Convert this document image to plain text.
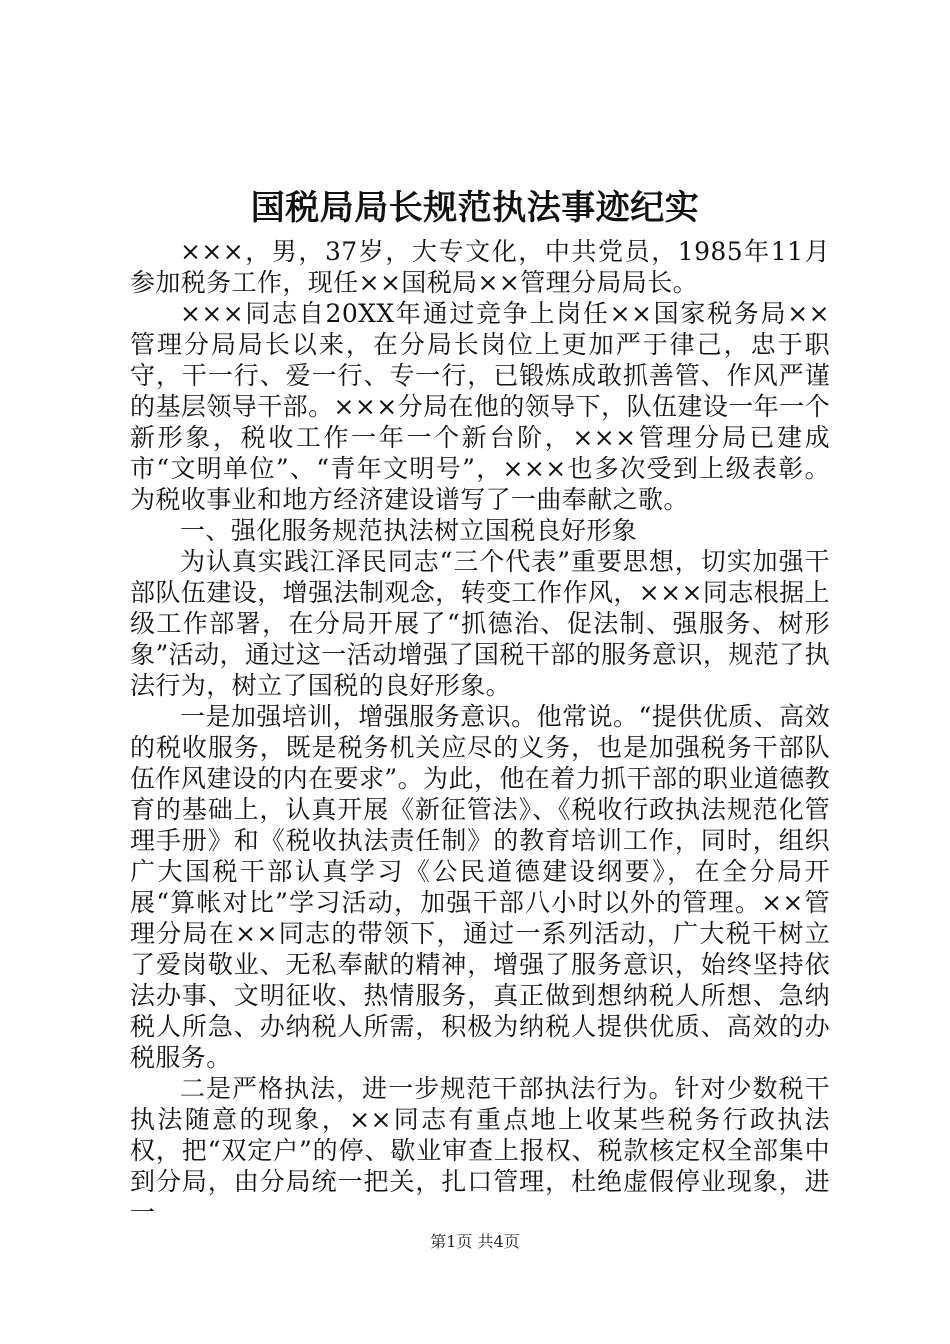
国税局局长规范执法事迹纪实

×××，男，37岁，大专文化，中共党员，1985年11月参加税务工作，现任××国税局××管理分局局长。

×××同志自20XX年通过竞争上岗任××国家税务局××管理分局局长以来，在分局长岗位上更加严于律己，忠于职守，干一行、爱一行、专一行，已锻炼成敢抓善管、作风严谨的基层领导干部。×××分局在他的领导下，队伍建设一年一个新形象，税收工作一年一个新台阶，×××管理分局已建成市“文明单位”、“青年文明号”，×××也多次受到上级表彰。为税收事业和地方经济建设谱写了一曲奉献之歌。

一、强化服务规范执法树立国税良好形象

为认真实践江泽民同志“三个代表”重要思想，切实加强干部队伍建设，增强法制观念，转变工作作风，×××同志根据上级工作部署，在分局开展了“抓德治、促法制、强服务、树形象”活动，通过这一活动增强了国税干部的服务意识，规范了执法行为，树立了国税的良好形象。

一是加强培训，增强服务意识。他常说。“提供优质、高效的税收服务，既是税务机关应尽的义务，也是加强税务干部队伍作风建设的内在要求”。为此，他在着力抓干部的职业道德教育的基础上，认真开展《新征管法》、《税收行政执法规范化管理手册》和《税收执法责任制》的教育培训工作，同时，组织广大国税干部认真学习《公民道德建设纲要》，在全分局开展“算帐对比”学习活动，加强干部八小时以外的管理。××管理分局在××同志的带领下，通过一系列活动，广大税干树立了爱岗敬业、无私奉献的精神，增强了服务意识，始终坚持依法办事、文明征收、热情服务，真正做到想纳税人所想、急纳税人所急、办纳税人所需，积极为纳税人提供优质、高效的办税服务。

二是严格执法，进一步规范干部执法行为。针对少数税干执法随意的现象，××同志有重点地上收某些税务行政执法权，把“双定户”的停、歇业审查上报权、税款核定权全部集中到分局，由分局统一把关，扎口管理，杜绝虚假停业现象，进一

第1页 共4页
